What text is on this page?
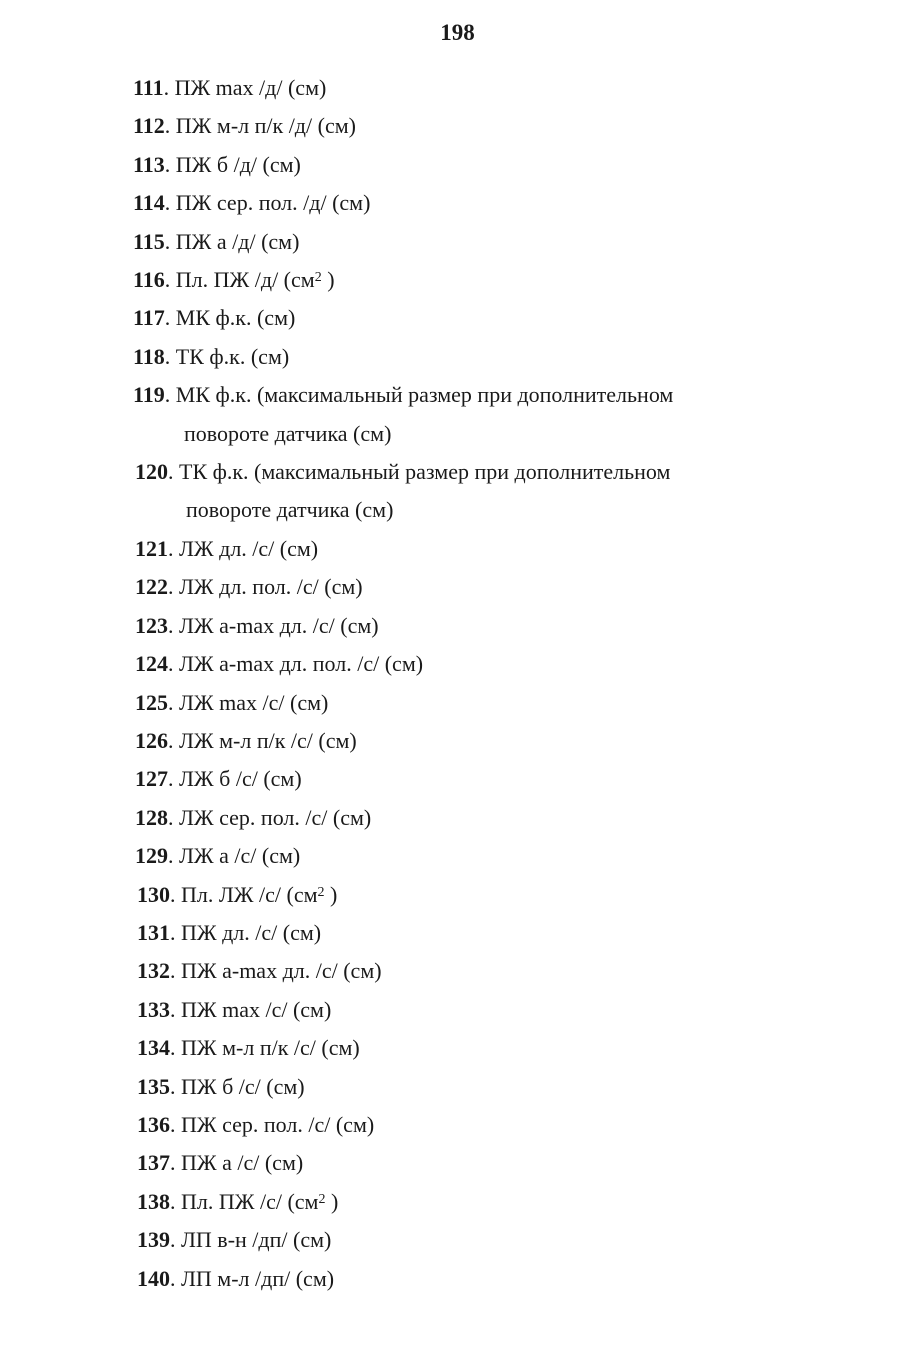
198
111. ПЖ max /д/ (см)
112. ПЖ м-л п/к /д/ (см)
113. ПЖ б /д/ (см)
114. ПЖ сер. пол. /д/ (см)
115. ПЖ а /д/ (см)
116. Пл. ПЖ /д/ ($см^2$ )
117. МК ф.к. (см)
118. ТК ф.к. (см)
119. МК ф.к. (максимальный размер при дополнительном
повороте датчика (см)
120. ТК ф.к. (максимальный размер при дополнительном
повороте датчика (см)
121. ЛЖ дл. /с/ (см)
122. ЛЖ дл. пол. /с/ (см)
123. ЛЖ a-max дл. /с/ (см)
124. ЛЖ a-max дл. пол. /с/ (см)
125. ЛЖ max /с/ (см)
126. ЛЖ м-л п/к /с/ (см)
127. ЛЖ б /с/ (см)
128. ЛЖ сер. пол. /с/ (см)
129. ЛЖ а /с/ (см)
130. Пл. ЛЖ /с/ ($см^2$ )
131. ПЖ дл. /с/ (см)
132. ПЖ a-max дл. /с/ (см)
133. ПЖ max /с/ (см)
134. ПЖ м-л п/к /с/ (см)
135. ПЖ б /с/ (см)
136. ПЖ сер. пол. /с/ (см)
137. ПЖ а /с/ (см)
138. Пл. ПЖ /с/ ($см^2$ )
139. ЛП в-н /дп/ (см)
140. ЛП м-л /дп/ (см)
